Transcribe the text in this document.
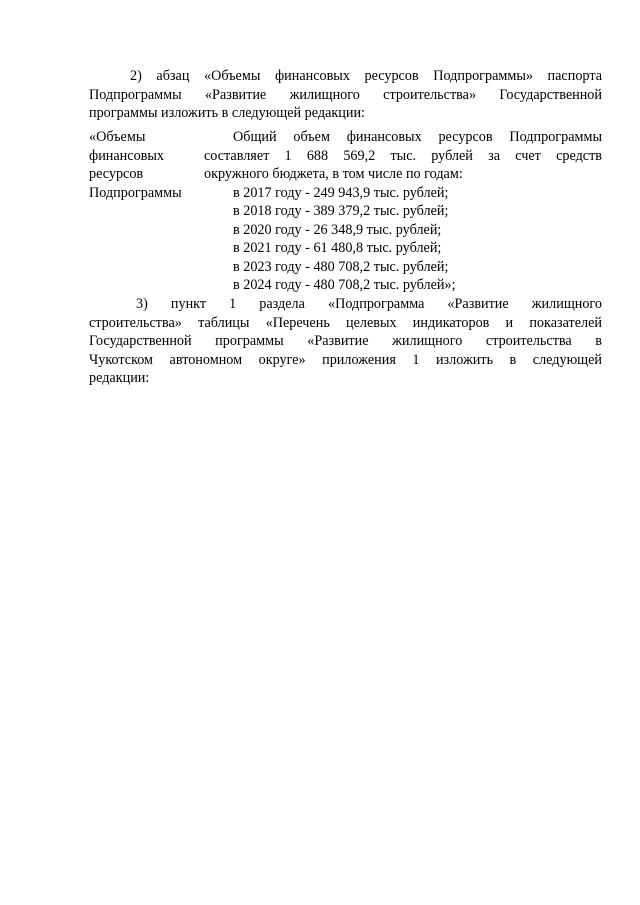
2) абзац «Объемы финансовых ресурсов Подпрограммы» паспорта
Подпрограммы «Развитие жилищного строительства» Государственной
программы изложить в следующей редакции:
«Объемы
финансовых
ресурсов
Подпрограммы
Общий объем финансовых ресурсов Подпрограммы
составляет 1 688 569,2 тыс. рублей за счет средств
окружного бюджета, в том числе по годам:
в 2017 году - 249 943,9 тыс. рублей;
в 2018 году - 389 379,2 тыс. рублей;
в 2020 году - 26 348,9 тыс. рублей;
в 2021 году - 61 480,8 тыс. рублей;
в 2023 году - 480 708,2 тыс. рублей;
в 2024 году - 480 708,2 тыс. рублей»;
3) пункт 1 раздела «Подпрограмма «Развитие жилищного
строительства» таблицы «Перечень целевых индикаторов и показателей
Государственной программы «Развитие жилищного строительства в
Чукотском автономном округе» приложения 1 изложить в следующей
редакции:
